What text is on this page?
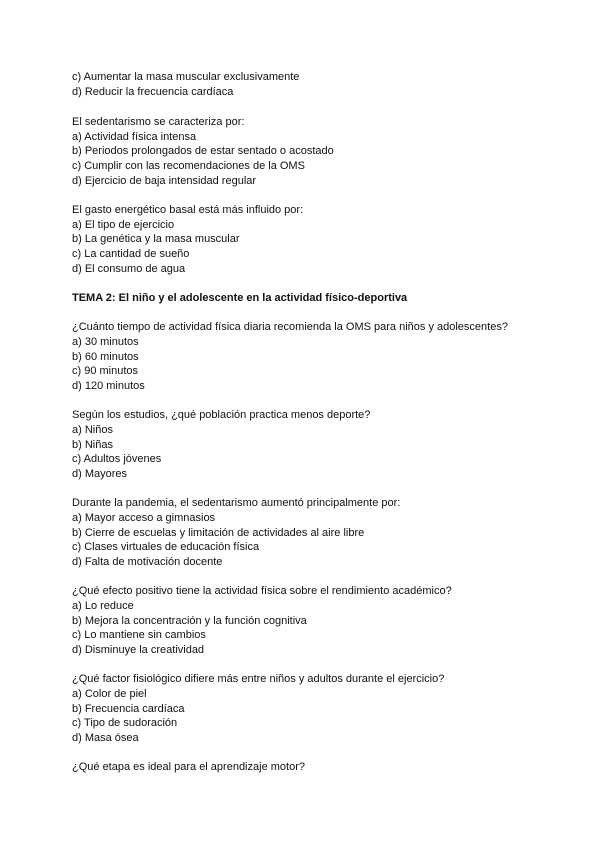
c) Aumentar la masa muscular exclusivamente
d) Reducir la frecuencia cardíaca
El sedentarismo se caracteriza por:
a) Actividad física intensa
b) Periodos prolongados de estar sentado o acostado
c) Cumplir con las recomendaciones de la OMS
d) Ejercicio de baja intensidad regular
El gasto energético basal está más influido por:
a) El tipo de ejercicio
b) La genética y la masa muscular
c) La cantidad de sueño
d) El consumo de agua
TEMA 2: El niño y el adolescente en la actividad físico-deportiva
¿Cuánto tiempo de actividad física diaria recomienda la OMS para niños y adolescentes?
a) 30 minutos
b) 60 minutos
c) 90 minutos
d) 120 minutos
Según los estudios, ¿qué población practica menos deporte?
a) Niños
b) Niñas
c) Adultos jóvenes
d) Mayores
Durante la pandemia, el sedentarismo aumentó principalmente por:
a) Mayor acceso a gimnasios
b) Cierre de escuelas y limitación de actividades al aire libre
c) Clases virtuales de educación física
d) Falta de motivación docente
¿Qué efecto positivo tiene la actividad física sobre el rendimiento académico?
a) Lo reduce
b) Mejora la concentración y la función cognitiva
c) Lo mantiene sin cambios
d) Disminuye la creatividad
¿Qué factor fisiológico difiere más entre niños y adultos durante el ejercicio?
a) Color de piel
b) Frecuencia cardíaca
c) Tipo de sudoración
d) Masa ósea
¿Qué etapa es ideal para el aprendizaje motor?
